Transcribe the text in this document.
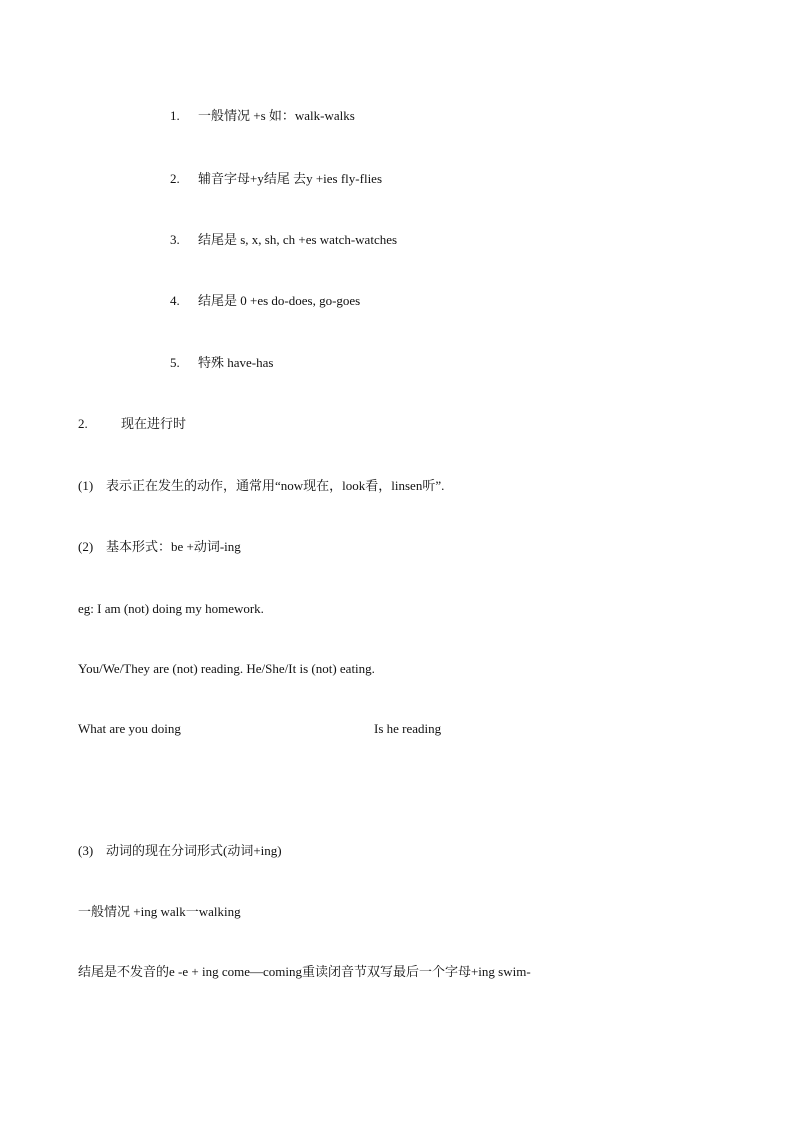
1. 一般情况 +s 如：walk-walks
2. 辅音字母+y结尾 去y +ies fly-flies
3. 结尾是 s, x, sh, ch +es watch-watches
4. 结尾是 0 +es do-does, go-goes
5. 特殊 have-has
2.	现在进行时
(1) 表示正在发生的动作，通常用“now现在，look看，linsen听”.
(2) 基本形式：be +动词-ing
eg: I am (not) doing my homework.
You/We/They are (not) reading. He/She/It is (not) eating.
What are you doing	Is he reading
(3) 动词的现在分词形式(动词+ing)
一般情况 +ing walk一walking
结尾是不发音的e -e + ing come—coming重读闭音节双写最后一个字母+ing swim-
